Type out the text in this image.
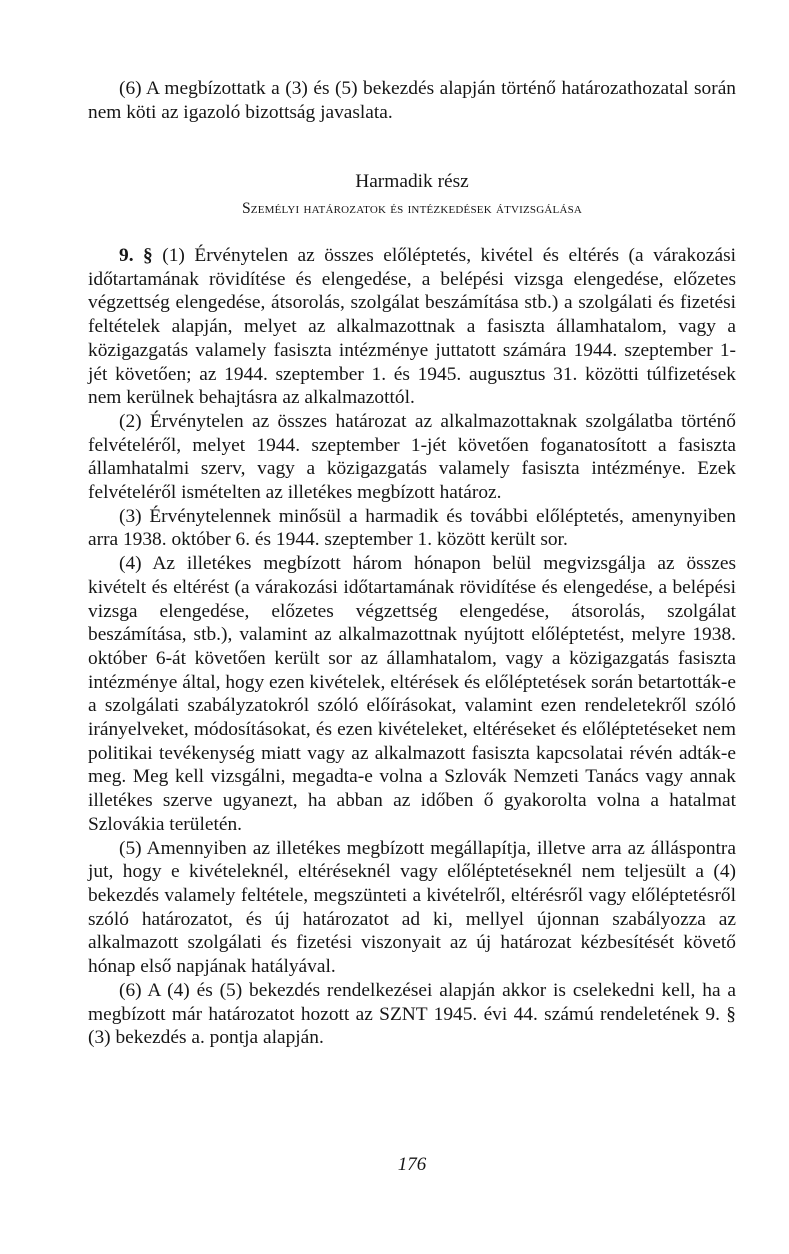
(6) A megbízottatk a (3) és (5) bekezdés alapján történő határozathozatal során nem köti az igazoló bizottság javaslata.

Harmadik rész
Személyi határozatok és intézkedések átvizsgálása

9. § (1) Érvénytelen az összes előléptetés, kivétel és eltérés (a várakozási időtartamának rövidítése és elengedése, a belépési vizsga elengedése, előzetes végzettség elengedése, átsorolás, szolgálat beszámítása stb.) a szolgálati és fizetési feltételek alapján, melyet az alkalmazottnak a fasiszta államhatalom, vagy a közigazgatás valamely fasiszta intézménye juttatott számára 1944. szeptember 1-jét követően; az 1944. szeptember 1. és 1945. augusztus 31. közötti túlfizetések nem kerülnek behajtásra az alkalmazottól.

(2) Érvénytelen az összes határozat az alkalmazottaknak szolgálatba történő felvételéről, melyet 1944. szeptember 1-jét követően foganatosított a fasiszta államhatalmi szerv, vagy a közigazgatás valamely fasiszta intézménye. Ezek felvételéről ismételten az illetékes megbízott határoz.

(3) Érvénytelennek minősül a harmadik és további előléptetés, amenynyiben arra 1938. október 6. és 1944. szeptember 1. között került sor.

(4) Az illetékes megbízott három hónapon belül megvizsgálja az összes kivételt és eltérést (a várakozási időtartamának rövidítése és elengedése, a belépési vizsga elengedése, előzetes végzettség elengedése, átsorolás, szolgálat beszámítása, stb.), valamint az alkalmazottnak nyújtott előléptetést, melyre 1938. október 6-át követően került sor az államhatalom, vagy a közigazgatás fasiszta intézménye által, hogy ezen kivételek, eltérések és előléptetések során betartották-e a szolgálati szabályzatokról szóló előírásokat, valamint ezen rendeletekről szóló irányelveket, módosításokat, és ezen kivételeket, eltéréseket és előléptetéseket nem politikai tevékenység miatt vagy az alkalmazott fasiszta kapcsolatai révén adták-e meg. Meg kell vizsgálni, megadta-e volna a Szlovák Nemzeti Tanács vagy annak illetékes szerve ugyanezt, ha abban az időben ő gyakorolta volna a hatalmat Szlovákia területén.

(5) Amennyiben az illetékes megbízott megállapítja, illetve arra az álláspontra jut, hogy e kivételeknél, eltéréseknél vagy előléptetéseknél nem teljesült a (4) bekezdés valamely feltétele, megszünteti a kivételről, eltérésről vagy előléptetésről szóló határozatot, és új határozatot ad ki, mellyel újonnan szabályozza az alkalmazott szolgálati és fizetési viszonyait az új határozat kézbesítését követő hónap első napjának hatályával.

(6) A (4) és (5) bekezdés rendelkezései alapján akkor is cselekedni kell, ha a megbízott már határozatot hozott az SZNT 1945. évi 44. számú rendeletének 9. § (3) bekezdés a. pontja alapján.

176
